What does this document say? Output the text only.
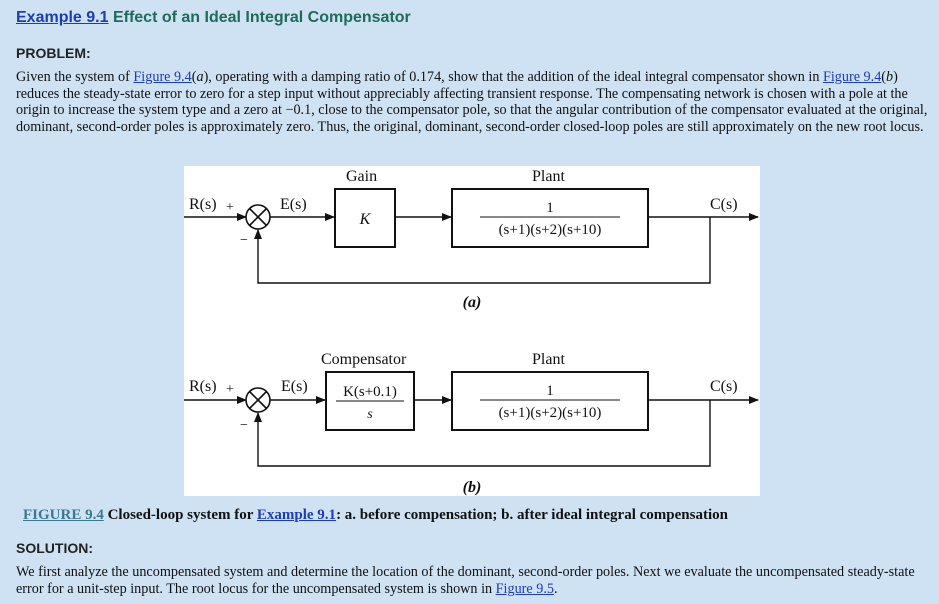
Example 9.1 Effect of an Ideal Integral Compensator
PROBLEM:
Given the system of Figure 9.4(a), operating with a damping ratio of 0.174, show that the addition of the ideal integral compensator shown in Figure 9.4(b) reduces the steady-state error to zero for a step input without appreciably affecting transient response. The compensating network is chosen with a pole at the origin to increase the system type and a zero at −0.1, close to the compensator pole, so that the angular contribution of the compensator evaluated at the original, dominant, second-order poles is approximately zero. Thus, the original, dominant, second-order closed-loop poles are still approximately on the new root locus.
Gain	Plant
R(s) +
−
E(s)
K
1
(s+1)(s+2)(s+10)
C(s)
(a)
Compensator	Plant
R(s) +
−
E(s) K(s+0.1)
s
1
(s+1)(s+2)(s+10)
C(s)
(b)
FIGURE 9.4 Closed-loop system for Example 9.1: a. before compensation; b. after ideal integral compensation
SOLUTION:
We first analyze the uncompensated system and determine the location of the dominant, second-order poles. Next we evaluate the uncompensated steady-state error for a unit-step input. The root locus for the uncompensated system is shown in Figure 9.5.
